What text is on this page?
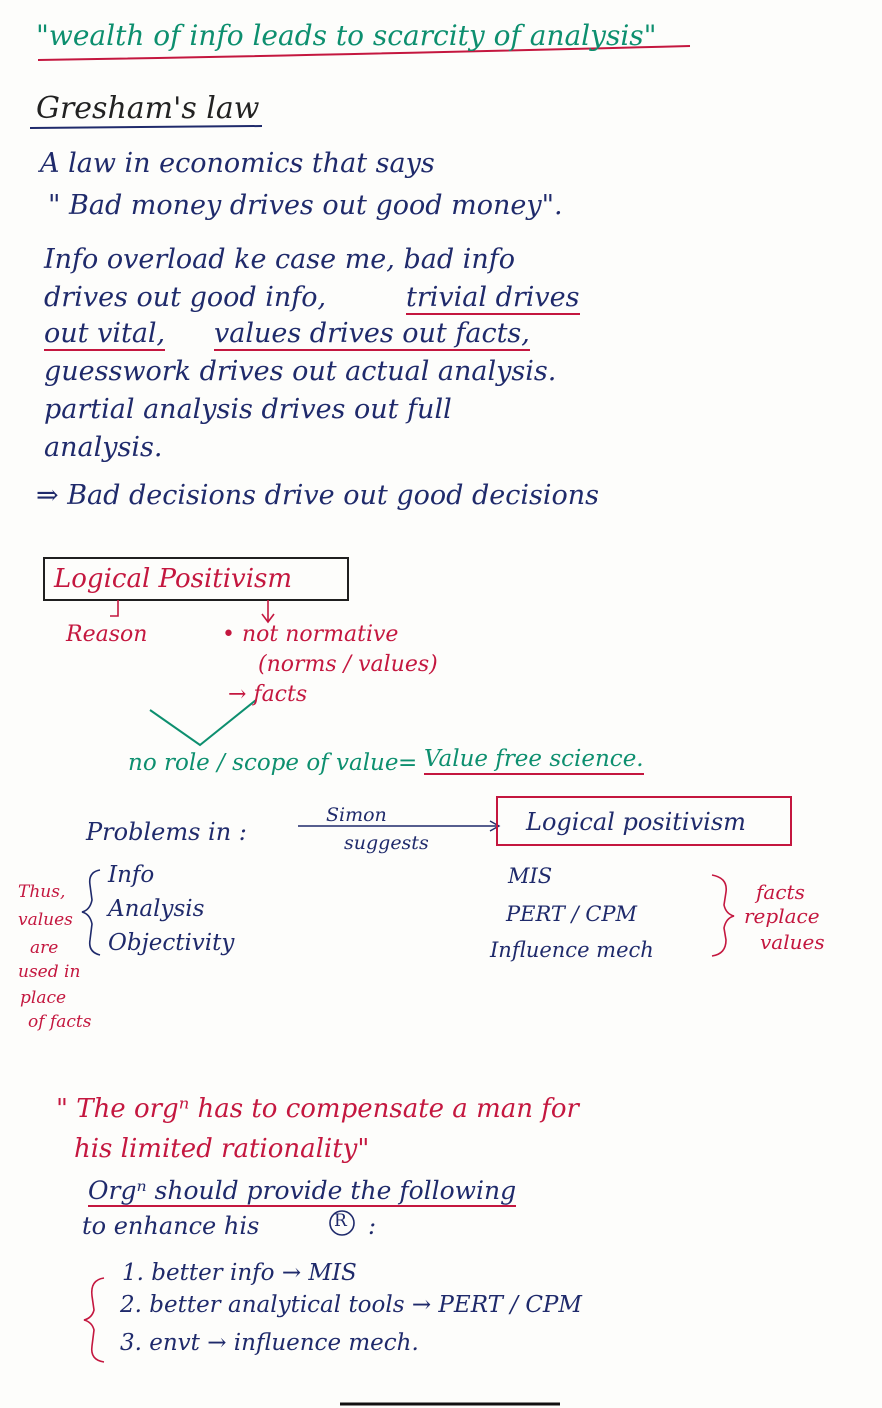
"wealth of info leads to scarcity of analysis"
Gresham's law
A law in economics that says
" Bad money drives out good money".
Info overload ke case me, bad info
drives out good info,	trivial drives
out vital, values drives out facts,
guesswork drives out actual analysis.
partial analysis drives out full
analysis.
⇒ Bad decisions drive out good decisions
Logical Positivism
Reason	• not normative
(norms / values)
→ facts
no role / scope of value = Value free science.
Problems in :
Simon
suggests
Logical positivism
Info
Analysis
Objectivity
MIS
PERT / CPM
Influence mech
Thus,
values
are
used in
place
of facts
facts
replace
values
" The orgⁿ has to compensate a man for
his limited rationality"
Orgⁿ should provide the following
to enhance his	R :
1. better info → MIS
2. better analytical tools → PERT / CPM
3. envt → influence mech.
